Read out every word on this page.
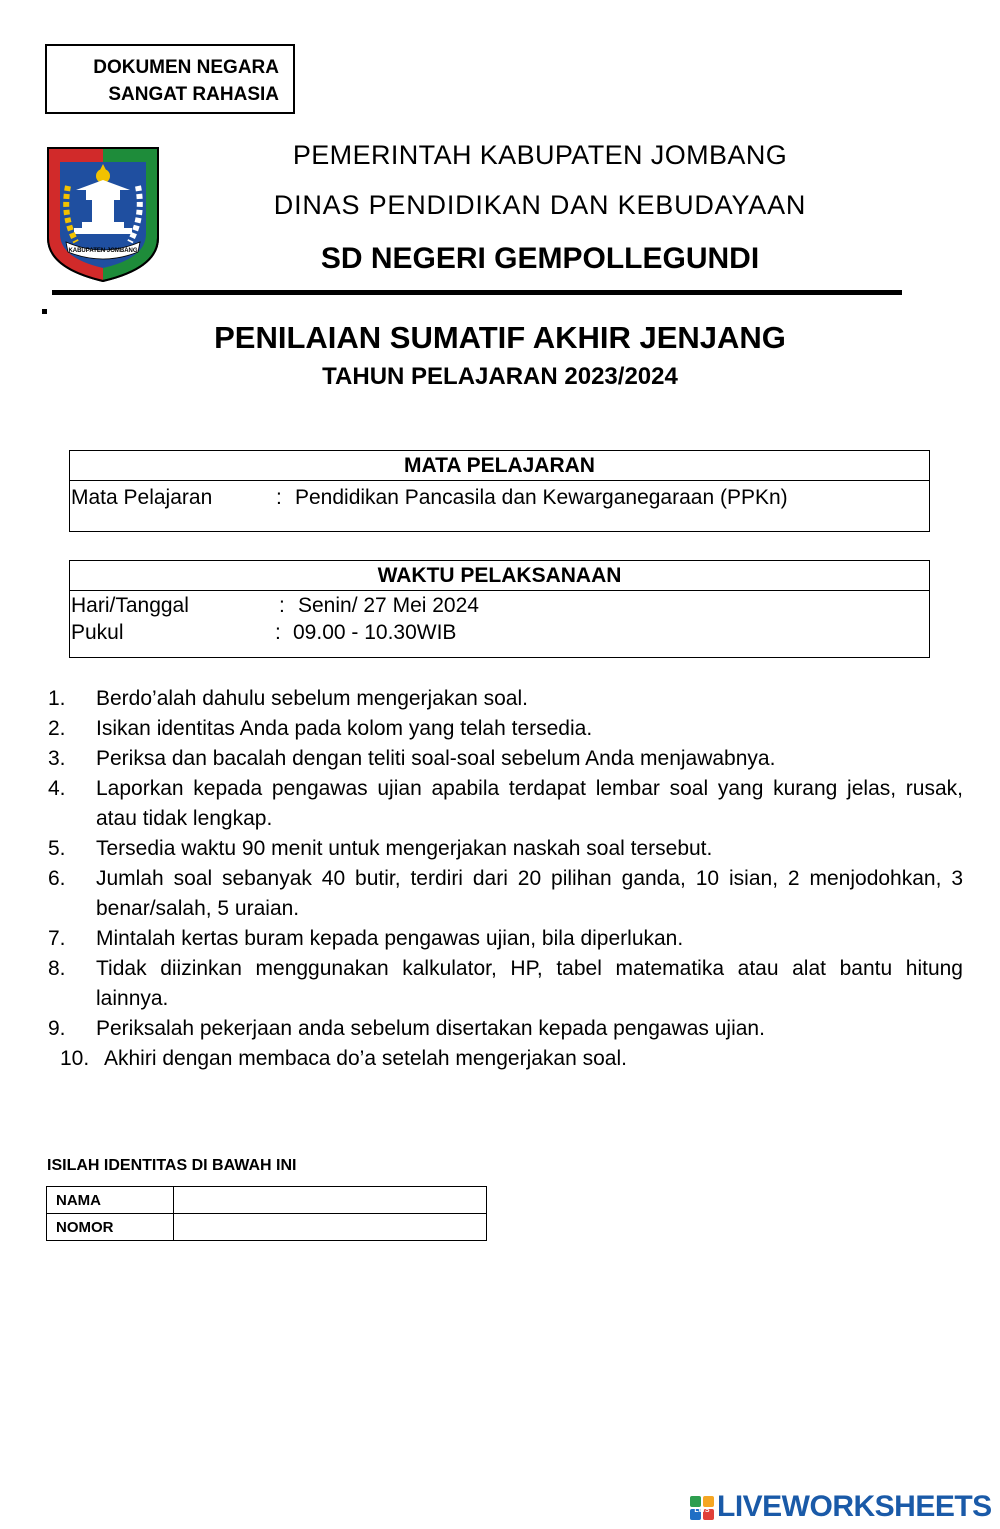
DOKUMEN NEGARA
SANGAT RAHASIA
KABUPATEN JOMBANG
PEMERINTAH KABUPATEN JOMBANG
DINAS PENDIDIKAN DAN KEBUDAYAAN
SD NEGERI GEMPOLLEGUNDI
PENILAIAN SUMATIF AKHIR JENJANG
TAHUN PELAJARAN 2023/2024
MATA PELAJARAN
Mata Pelajaran	: Pendidikan Pancasila dan Kewarganegaraan (PPKn)
WAKTU PELAKSANAAN
Hari/Tanggal	: Senin/ 27 Mei 2024
Pukul	: 09.00 - 10.30WIB
1. Berdo’alah dahulu sebelum mengerjakan soal.
2. Isikan identitas Anda pada kolom yang telah tersedia.
3. Periksa dan bacalah dengan teliti soal-soal sebelum Anda menjawabnya.
4. Laporkan kepada pengawas ujian apabila terdapat lembar soal yang kurang jelas, rusak, atau tidak lengkap.
5. Tersedia waktu 90 menit untuk mengerjakan naskah soal tersebut.
6. Jumlah soal sebanyak 40 butir, terdiri dari 20 pilihan ganda, 10 isian, 2 menjodohkan, 3 benar/salah, 5 uraian.
7. Mintalah kertas buram kepada pengawas ujian, bila diperlukan.
8. Tidak diizinkan menggunakan kalkulator, HP, tabel matematika atau alat bantu hitung lainnya.
9. Periksalah pekerjaan anda sebelum disertakan kepada pengawas ujian.
10. Akhiri dengan membaca do’a setelah mengerjakan soal.
ISILAH IDENTITAS DI BAWAH INI
NAMA	
NOMOR	
LWS LIVEWORKSHEETS
